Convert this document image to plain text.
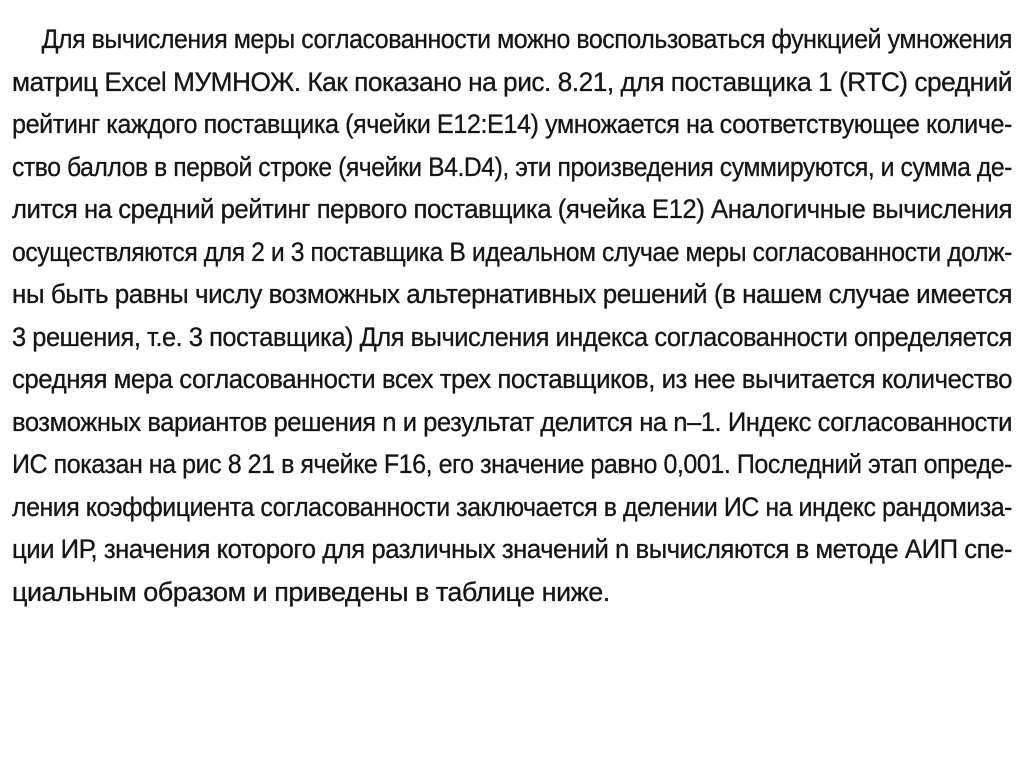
Для вычисления меры согласованности можно воспользоваться функцией умножения
матриц Excel МУМНОЖ. Как показано на рис. 8.21, для поставщика 1 (RTC) средний
рейтинг каждого поставщика (ячейки E12:E14) умножается на соответствующее количе-
ство баллов в первой строке (ячейки B4.D4), эти произведения суммируются, и сумма де-
лится на средний рейтинг первого поставщика (ячейка E12) Аналогичные вычисления
осуществляются для 2 и 3 поставщика В идеальном случае меры согласованности долж-
ны быть равны числу возможных альтернативных решений (в нашем случае имеется
3 решения, т.е. 3 поставщика) Для вычисления индекса согласованности определяется
средняя мера согласованности всех трех поставщиков, из нее вычитается количество
возможных вариантов решения n и результат делится на n–1. Индекс согласованности
ИС показан на рис 8 21 в ячейке F16, его значение равно 0,001. Последний этап опреде-
ления коэффициента согласованности заключается в делении ИС на индекс рандомиза-
ции ИР, значения которого для различных значений n вычисляются в методе АИП спе-
циальным образом и приведены в таблице ниже.
